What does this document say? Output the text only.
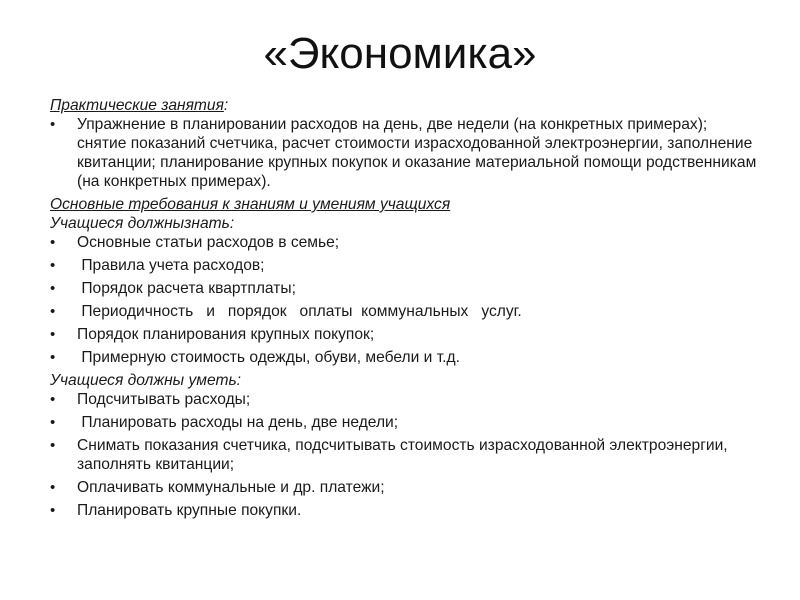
«Экономика»

Практические занятия:

•
Упражнение в планировании расходов на день, две недели (на конкретных примерах); снятие показаний счетчика, расчет стоимости израсходованной электроэнергии, заполнение квитанции; планирование крупных покупок и оказание материальной помощи родственникам (на конкретных примерах).

Основные требования к знаниям и умениям учащихся

Учащиеся должнызнать:

•
Основные статьи расходов в семье;
•
Правила учета расходов;
•
Порядок расчета квартплаты;
•
Периодичность   и   порядок   оплаты  коммунальных   услуг.
•
Порядок планирования крупных покупок;
•
Примерную стоимость одежды, обуви, мебели и т.д.

Учащиеся должны уметь:

•
Подсчитывать расходы;
•
Планировать расходы на день, две недели;
•
Снимать показания счетчика, подсчитывать стоимость израсходованной электроэнергии, заполнять квитанции;
•
Оплачивать коммунальные и др. платежи;
•
Планировать крупные покупки.
